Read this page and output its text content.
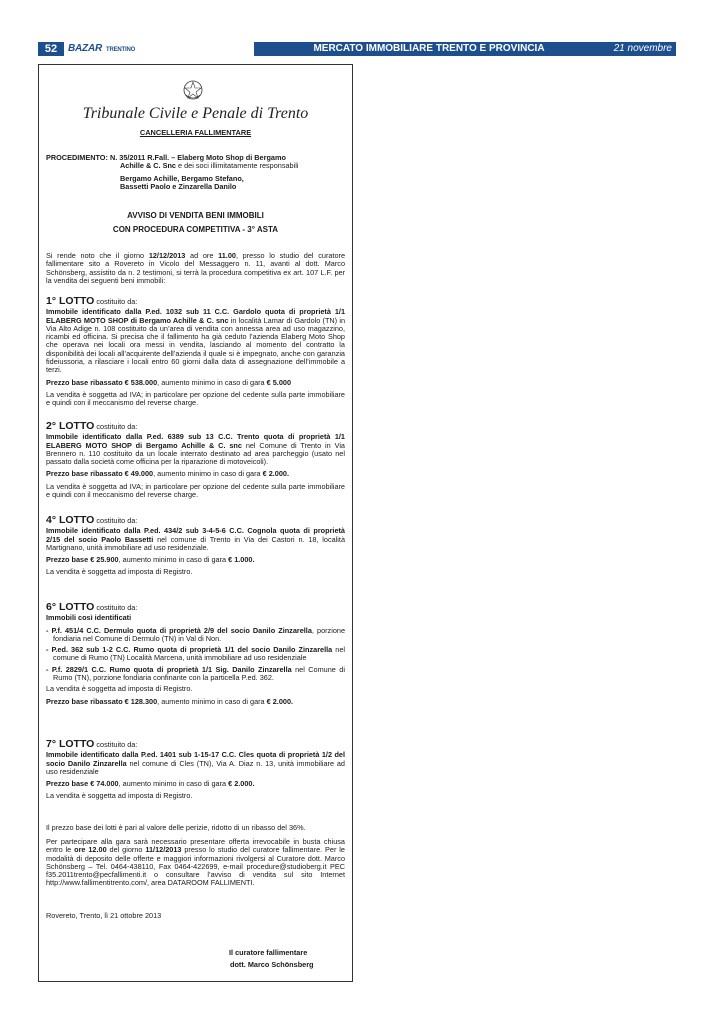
52	BAZAR TRENTINO	MERCATO IMMOBILIARE TRENTO E PROVINCIA	21 novembre 2013
Tribunale Civile e Penale di Trento
CANCELLERIA FALLIMENTARE
PROCEDIMENTO: N. 35/2011 R.Fall. – Elaberg Moto Shop di Bergamo
Achille & C. Snc e dei soci illimitatamente responsabili
Bergamo Achille, Bergamo Stefano,
Bassetti Paolo e Zinzarella Danilo
AVVISO DI VENDITA BENI IMMOBILI
CON PROCEDURA COMPETITIVA - 3° ASTA
Si rende noto che il giorno 12/12/2013 ad ore 11.00, presso lo studio del curatore fallimentare sito a Rovereto in Vicolo del Messaggero n. 11, avanti al dott. Marco Schönsberg, assistito da n. 2 testimoni, si terrà la procedura competitiva ex art. 107 L.F. per la vendita dei seguenti beni immobili:
1° LOTTO costituito da:
Immobile identificato dalla P.ed. 1032 sub 11 C.C. Gardolo quota di proprietà 1/1 ELABERG MOTO SHOP di Bergamo Achille & C. snc in località Lamar di Gardolo (TN) in Via Alto Adige n. 108 costituito da un’area di vendita con annessa area ad uso magazzino, ricambi ed officina. Si precisa che il fallimento ha già ceduto l’azienda Elaberg Moto Shop che operava nei locali ora messi in vendita, lasciando al momento del contratto la disponibilità dei locali all’acquirente dell’azienda il quale si è impegnato, anche con garanzia fideiussoria, a rilasciare i locali entro 60 giorni dalla data di assegnazione dell’immobile a terzi.
Prezzo base ribassato € 538.000, aumento minimo in caso di gara € 5.000
La vendita è soggetta ad IVA; in particolare per opzione del cedente sulla parte immobiliare e quindi con il meccanismo del reverse charge.
2° LOTTO costituito da:
Immobile identificato dalla P.ed. 6389 sub 13 C.C. Trento quota di proprietà 1/1 ELABERG MOTO SHOP di Bergamo Achille & C. snc nel Comune di Trento in Via Brennero n. 110 costituito da un locale interrato destinato ad area parcheggio (usato nel passato dalla società come officina per la riparazione di motoveicoli).
Prezzo base ribassato € 49.000, aumento minimo in caso di gara € 2.000.
La vendita è soggetta ad IVA; in particolare per opzione del cedente sulla parte immobiliare e quindi con il meccanismo del reverse charge.
4° LOTTO costituito da:
Immobile identificato dalla P.ed. 434/2 sub 3-4-5-6 C.C. Cognola quota di proprietà 2/15 del socio Paolo Bassetti nel comune di Trento in Via dei Castori n. 18, località Martignano, unità immobiliare ad uso residenziale.
Prezzo base € 25.900, aumento minimo in caso di gara € 1.000.
La vendita è soggetta ad imposta di Registro.
6° LOTTO costituito da:
Immobili così identificati
- P.f. 451/4 C.C. Dermulo quota di proprietà 2/9 del socio Danilo Zinzarella, porzione fondiaria nel Comune di Dermulo (TN) in Val di Non.
- P.ed. 362 sub 1-2 C.C. Rumo quota di proprietà 1/1 del socio Danilo Zinzarella nel comune di Rumo (TN) Località Marcena, unità immobiliare ad uso residenziale
- P.f. 2829/1 C.C. Rumo quota di proprietà 1/1 Sig. Danilo Zinzarella nel Comune di Rumo (TN), porzione fondiaria confinante con la particella P.ed. 362.
La vendita è soggetta ad imposta di Registro.
Prezzo base ribassato € 128.300, aumento minimo in caso di gara € 2.000.
7° LOTTO costituito da:
Immobile identificato dalla P.ed. 1401 sub 1-15-17 C.C. Cles quota di proprietà 1/2 del socio Danilo Zinzarella nel comune di Cles (TN), Via A. Diaz n. 13, unità immobiliare ad uso residenziale
Prezzo base € 74.000, aumento minimo in caso di gara € 2.000.
La vendita è soggetta ad imposta di Registro.
Il prezzo base dei lotti è pari al valore delle perizie, ridotto di un ribasso del 36%.
Per partecipare alla gara sarà necessario presentare offerta irrevocabile in busta chiusa entro le ore 12.00 del giorno 11/12/2013 presso lo studio del curatore fallimentare. Per le modalità di deposito delle offerte e maggiori informazioni rivolgersi al Curatore dott. Marco Schönsberg – Tel. 0464-438110, Fax 0464-422699, e-mail procedure@studioberg.it PEC f35.2011trento@pecfallimenti.it o consultare l’avviso di vendita sul sito Internet http://www.fallimentitrento.com/, area DATAROOM FALLIMENTI.
Rovereto, Trento, lì 21 ottobre 2013
Il curatore fallimentare
dott. Marco Schönsberg
